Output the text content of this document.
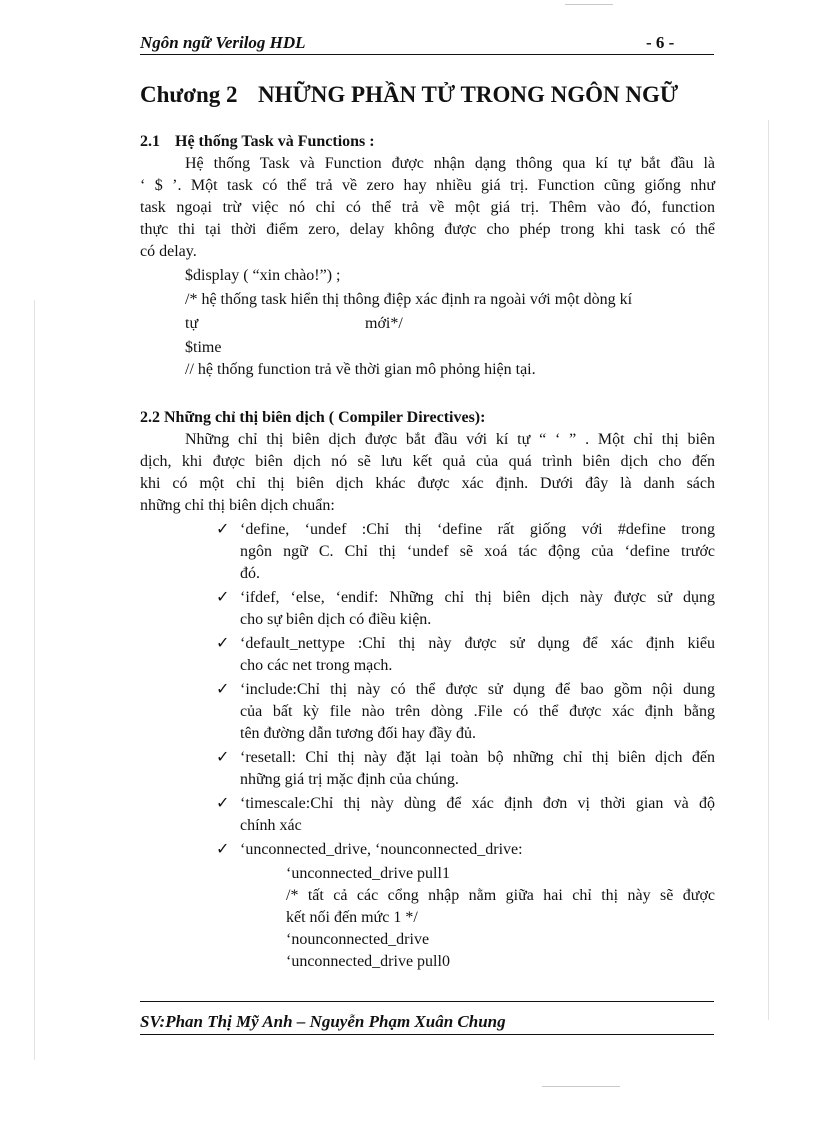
Ngôn ngữ Verilog HDL	- 6 -
Chương 2 NHỮNG PHẦN TỬ TRONG NGÔN NGỮ
2.1 Hệ thống Task và Functions :
Hệ thống Task và Function được nhận dạng thông qua kí tự bắt đầu là
‘ $ ’. Một task có thể trả về zero hay nhiều giá trị. Function cũng giống như
task ngoại trừ việc nó chỉ có thể trả về một giá trị. Thêm vào đó, function
thực thi tại thời điểm zero, delay không được cho phép trong khi task có thể
có delay.
$display ( “xin chào!”) ;
/* hệ thống task hiển thị thông điệp xác định ra ngoài với một dòng kí
tự	mới*/
$time
// hệ thống function trả về thời gian mô phỏng hiện tại.
2.2 Những chỉ thị biên dịch ( Compiler Directives):
Những chỉ thị biên dịch được bắt đầu với kí tự “ ‘ ” . Một chỉ thị biên
dịch, khi được biên dịch nó sẽ lưu kết quả của quá trình biên dịch cho đến
khi có một chỉ thị biên dịch khác được xác định. Dưới đây là danh sách
những chỉ thị biên dịch chuẩn:
✓ ‘define, ‘undef :Chỉ thị ‘define rất giống với #define trong
ngôn ngữ C. Chỉ thị ‘undef sẽ xoá tác động của ‘define trước
đó.
✓ ‘ifdef, ‘else, ‘endif: Những chỉ thị biên dịch này được sử dụng
cho sự biên dịch có điều kiện.
✓ ‘default_nettype :Chỉ thị này được sử dụng để xác định kiểu
cho các net trong mạch.
✓ ‘include:Chỉ thị này có thể được sử dụng để bao gồm nội dung
của bất kỳ file nào trên dòng .File có thể được xác định bằng
tên đường dẫn tương đối hay đầy đủ.
✓ ‘resetall: Chỉ thị này đặt lại toàn bộ những chỉ thị biên dịch đến
những giá trị mặc định của chúng.
✓ ‘timescale:Chỉ thị này dùng để xác định đơn vị thời gian và độ
chính xác
✓ ‘unconnected_drive, ‘nounconnected_drive:
‘unconnected_drive pull1
/* tất cả các cổng nhập nằm giữa hai chỉ thị này sẽ được
kết nối đến mức 1 */
‘nounconnected_drive
‘unconnected_drive pull0
SV:Phan Thị Mỹ Anh – Nguyễn Phạm Xuân Chung
